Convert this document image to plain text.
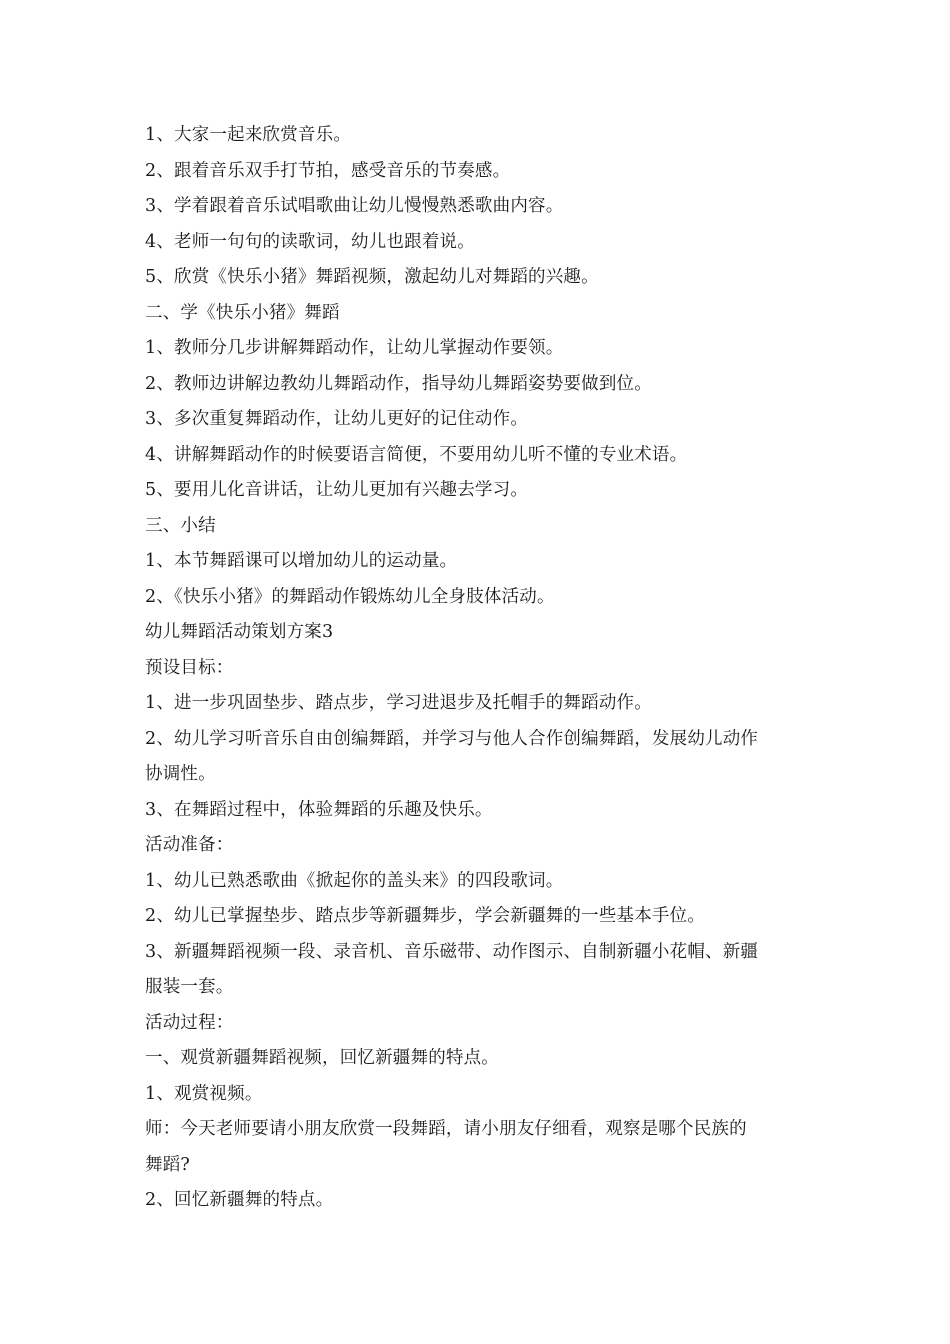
1、大家一起来欣赏音乐。
2、跟着音乐双手打节拍，感受音乐的节奏感。
3、学着跟着音乐试唱歌曲让幼儿慢慢熟悉歌曲内容。
4、老师一句句的读歌词，幼儿也跟着说。
5、欣赏《快乐小猪》舞蹈视频，激起幼儿对舞蹈的兴趣。
二、学《快乐小猪》舞蹈
1、教师分几步讲解舞蹈动作，让幼儿掌握动作要领。
2、教师边讲解边教幼儿舞蹈动作，指导幼儿舞蹈姿势要做到位。
3、多次重复舞蹈动作，让幼儿更好的记住动作。
4、讲解舞蹈动作的时候要语言简便，不要用幼儿听不懂的专业术语。
5、要用儿化音讲话，让幼儿更加有兴趣去学习。
三、小结
1、本节舞蹈课可以增加幼儿的运动量。
2、《快乐小猪》的舞蹈动作锻炼幼儿全身肢体活动。
幼儿舞蹈活动策划方案3
预设目标：
1、进一步巩固垫步、踏点步，学习进退步及托帽手的舞蹈动作。
2、幼儿学习听音乐自由创编舞蹈，并学习与他人合作创编舞蹈，发展幼儿动作
协调性。
3、在舞蹈过程中，体验舞蹈的乐趣及快乐。
活动准备：
1、幼儿已熟悉歌曲《掀起你的盖头来》的四段歌词。
2、幼儿已掌握垫步、踏点步等新疆舞步，学会新疆舞的一些基本手位。
3、新疆舞蹈视频一段、录音机、音乐磁带、动作图示、自制新疆小花帽、新疆
服装一套。
活动过程：
一、观赏新疆舞蹈视频，回忆新疆舞的特点。
1、观赏视频。
师：今天老师要请小朋友欣赏一段舞蹈，请小朋友仔细看，观察是哪个民族的
舞蹈?
2、回忆新疆舞的特点。
